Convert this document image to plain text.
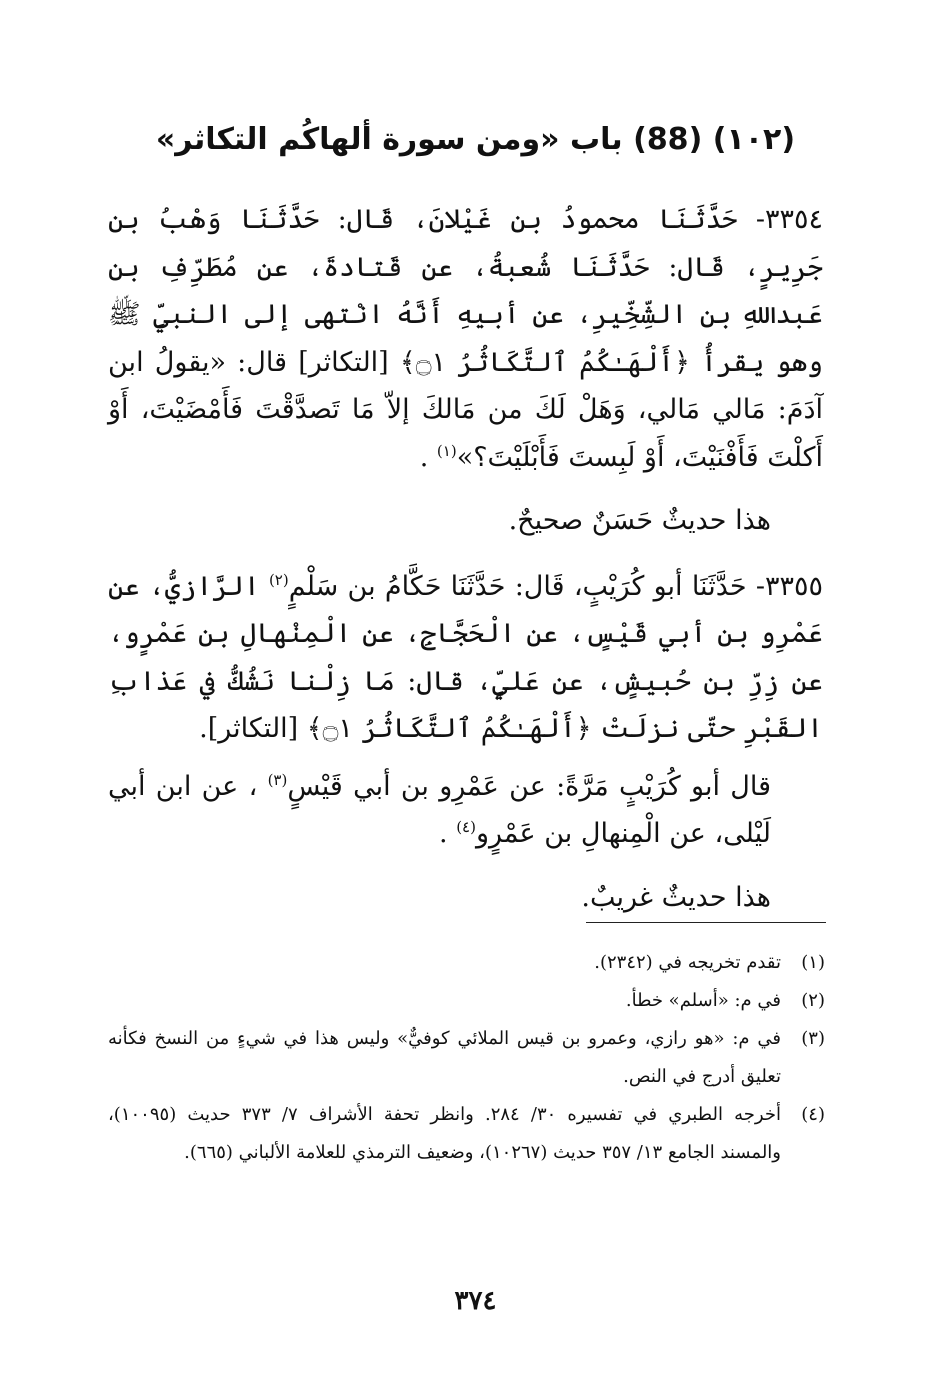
(١٠٢) (88) باب «ومن سورة ألهاكُم التكاثر»

٣٣٥٤- حَدَّثَنَا محمودُ بن غَيْلانَ، قَال: حَدَّثَنَا وَهْبُ بن جَرِيرٍ، قَال: حَدَّثَنَا شُعبةُ، عن قَتادةَ، عن مُطَرِّفِ بن عَبداللهِ بن الشِّخِّيرِ، عن أبيهِ أَنَّهُ انْتهى إلى النبيِّ ﷺ وهو يقرأُ ﴿أَلْهَـٰكُمُ ٱلتَّكَاثُرُ ۝١﴾ [التكاثر] قال: «يقولُ ابن آدَمَ: مَالي مَالي، وَهَلْ لَكَ من مَالكَ إلاّ مَا تَصدَّقْتَ فَأَمْضَيْتَ، أَوْ أَكلْتَ فَأَفْنَيْتَ، أَوْ لَبِستَ فَأَبْلَيْتَ؟»$^{(١)}$ .

هذا حديثٌ حَسَنٌ صحيحٌ.

٣٣٥٥- حَدَّثَنَا أبو كُرَيْبٍ، قَال: حَدَّثَنَا حَكَّامُ بن سَلْمٍ$^{(٢)}$ الرَّازيُّ، عن عَمْرِو بن أبي قَيْسٍ، عن الْحَجَّاجِ، عن الْمِنْهالِ بن عَمْرٍو، عن زِرِّ بن حُبيشٍ، عن عَليٍّ، قال: مَا زِلْنا نَشُكُّ في عَذابِ القَبْرِ حتّى نزلَتْ ﴿أَلْهَـٰكُمُ ٱلتَّكَاثُرُ ۝١﴾ [التكاثر].

قال أبو كُرَيْبٍ مَرَّةً: عن عَمْرِو بن أبي قَيْسٍ$^{(٣)}$ ، عن ابن أبي لَيْلى، عن الْمِنهالِ بن عَمْرٍو$^{(٤)}$ .

هذا حديثٌ غريبٌ.

(١)
تقدم تخريجه في (٢٣٤٢).
(٢)
في م: «أسلم» خطأ.
(٣)
في م: «هو رازي، وعمرو بن قيس الملائي كوفيٌّ» وليس هذا في شيءٍ من النسخ فكأنه تعليق أدرج في النص.
(٤)
أخرجه الطبري في تفسيره ٣٠/ ٢٨٤. وانظر تحفة الأشراف ٧/ ٣٧٣ حديث (١٠٠٩٥)، والمسند الجامع ١٣/ ٣٥٧ حديث (١٠٢٦٧)، وضعيف الترمذي للعلامة الألباني (٦٦٥).
٣٧٤
